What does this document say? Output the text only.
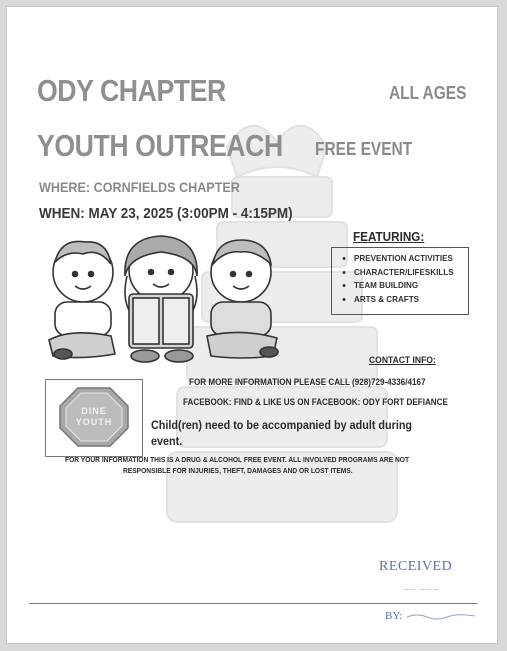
ODY CHAPTER
YOUTH OUTREACH
ALL AGES
FREE EVENT
WHERE: CORNFIELDS CHAPTER
WHEN: MAY 23, 2025 (3:00PM - 4:15PM)
FEATURING:
• PREVENTION ACTIVITIES
• CHARACTER/LIFESKILLS
• TEAM BUILDING
• ARTS & CRAFTS
CONTACT INFO:
FOR MORE INFORMATION PLEASE CALL (928)729-4336/4167
FACEBOOK: FIND & LIKE US ON FACEBOOK: ODY FORT DEFIANCE
DINE YOUTH	Child(ren) need to be accompanied by adult during
event.
FOR YOUR INFORMATION THIS IS A DRUG & ALCOHOL FREE EVENT. ALL INVOLVED PROGRAMS ARE NOT
RESPONSIBLE FOR INJURIES, THEFT, DAMAGES AND OR LOST ITEMS.
RECEIVED
~~ ~~~
BY:
